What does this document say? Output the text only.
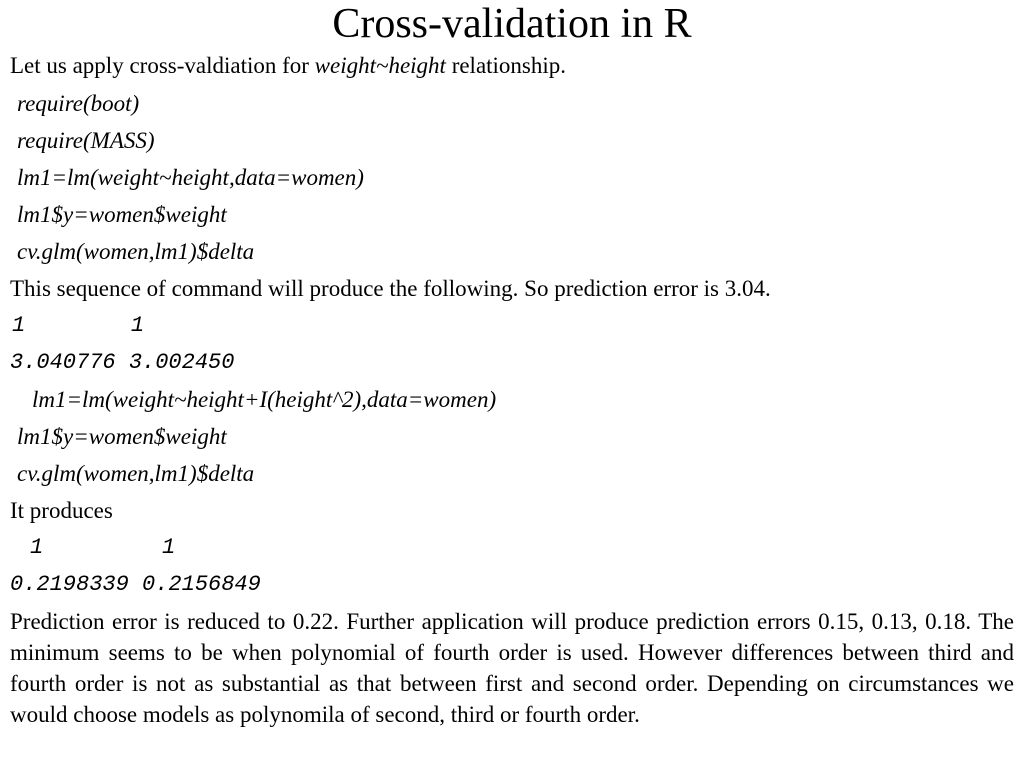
Cross-validation in R
Let us apply cross-valdiation for weight~height relationship.
require(boot)
require(MASS)
lm1=lm(weight~height,data=women)
lm1$y=women$weight
cv.glm(women,lm1)$delta
This sequence of command will produce the following. So prediction error is 3.04.
1        1
3.040776 3.002450
lm1=lm(weight~height+I(height^2),data=women)
lm1$y=women$weight
cv.glm(women,lm1)$delta
It produces
1         1
0.2198339 0.2156849
Prediction error is reduced to 0.22. Further application will produce prediction errors 0.15, 0.13, 0.18. The minimum seems to be when polynomial of fourth order is used. However differences between third and fourth order is not as substantial as that between first and second order. Depending on circumstances we would choose models as polynomila of second, third or fourth order.
